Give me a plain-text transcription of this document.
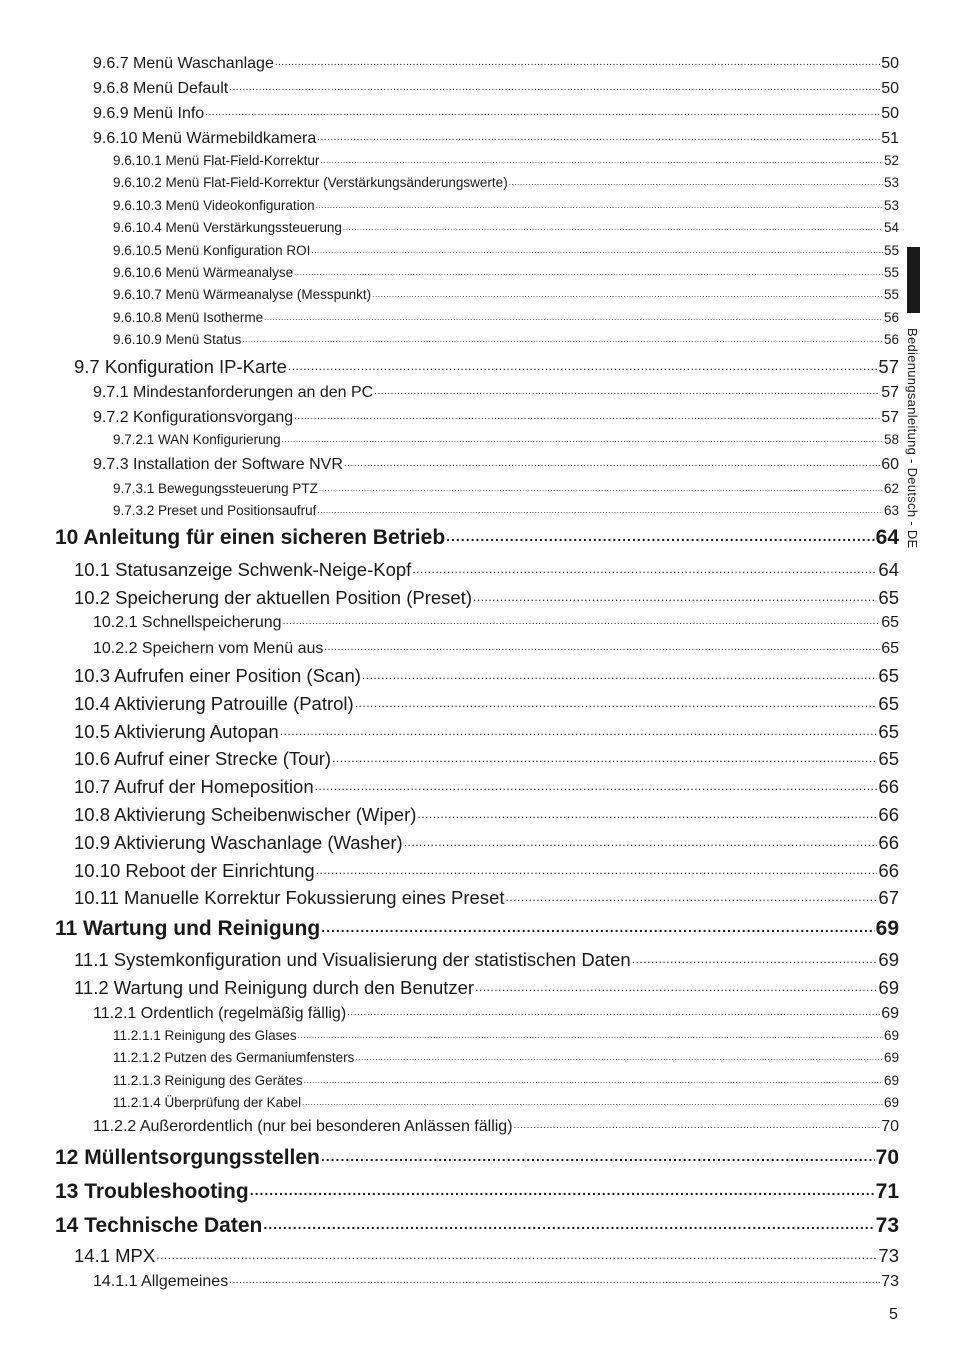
9.6.7 Menü Waschanlage .....	50
9.6.8 Menü Default .....	50
9.6.9 Menü Info .....	50
9.6.10 Menü Wärmebildkamera .....	51
9.6.10.1 Menü Flat-Field-Korrektur .....	52
9.6.10.2 Menü Flat-Field-Korrektur (Verstärkungsänderungswerte) .....	53
9.6.10.3 Menü Videokonfiguration .....	53
9.6.10.4 Menü Verstärkungssteuerung .....	54
9.6.10.5 Menü Konfiguration ROI .....	55
9.6.10.6 Menü Wärmeanalyse .....	55
9.6.10.7 Menü Wärmeanalyse (Messpunkt) .....	55
9.6.10.8 Menü Isotherme .....	56
9.6.10.9 Menü Status .....	56
9.7 Konfiguration IP-Karte .....	57
9.7.1 Mindestanforderungen an den PC .....	57
9.7.2 Konfigurationsvorgang .....	57
9.7.2.1 WAN Konfigurierung .....	58
9.7.3 Installation der Software NVR .....	60
9.7.3.1 Bewegungssteuerung PTZ .....	62
9.7.3.2 Preset und Positionsaufruf .....	63
10 Anleitung für einen sicheren Betrieb .....	64
10.1 Statusanzeige Schwenk-Neige-Kopf .....	64
10.2 Speicherung der aktuellen Position (Preset) .....	65
10.2.1 Schnellspeicherung .....	65
10.2.2 Speichern vom Menü aus .....	65
10.3 Aufrufen einer Position (Scan) .....	65
10.4 Aktivierung Patrouille (Patrol) .....	65
10.5 Aktivierung Autopan .....	65
10.6 Aufruf einer Strecke (Tour) .....	65
10.7 Aufruf der Homeposition .....	66
10.8 Aktivierung Scheibenwischer (Wiper) .....	66
10.9 Aktivierung Waschanlage (Washer) .....	66
10.10 Reboot der Einrichtung .....	66
10.11 Manuelle Korrektur Fokussierung eines Preset .....	67
11 Wartung und Reinigung .....	69
11.1 Systemkonfiguration und Visualisierung der statistischen Daten .....	69
11.2 Wartung und Reinigung durch den Benutzer .....	69
11.2.1 Ordentlich (regelmäßig fällig) .....	69
11.2.1.1 Reinigung des Glases .....	69
11.2.1.2 Putzen des Germaniumfensters .....	69
11.2.1.3 Reinigung des Gerätes .....	69
11.2.1.4 Überprüfung der Kabel .....	69
11.2.2 Außerordentlich (nur bei besonderen Anlässen fällig) .....	70
12 Müllentsorgungsstellen .....	70
13 Troubleshooting .....	71
14 Technische Daten .....	73
14.1 MPX .....	73
14.1.1 Allgemeines .....	73
Bedienungsanleitung - Deutsch - DE
5
